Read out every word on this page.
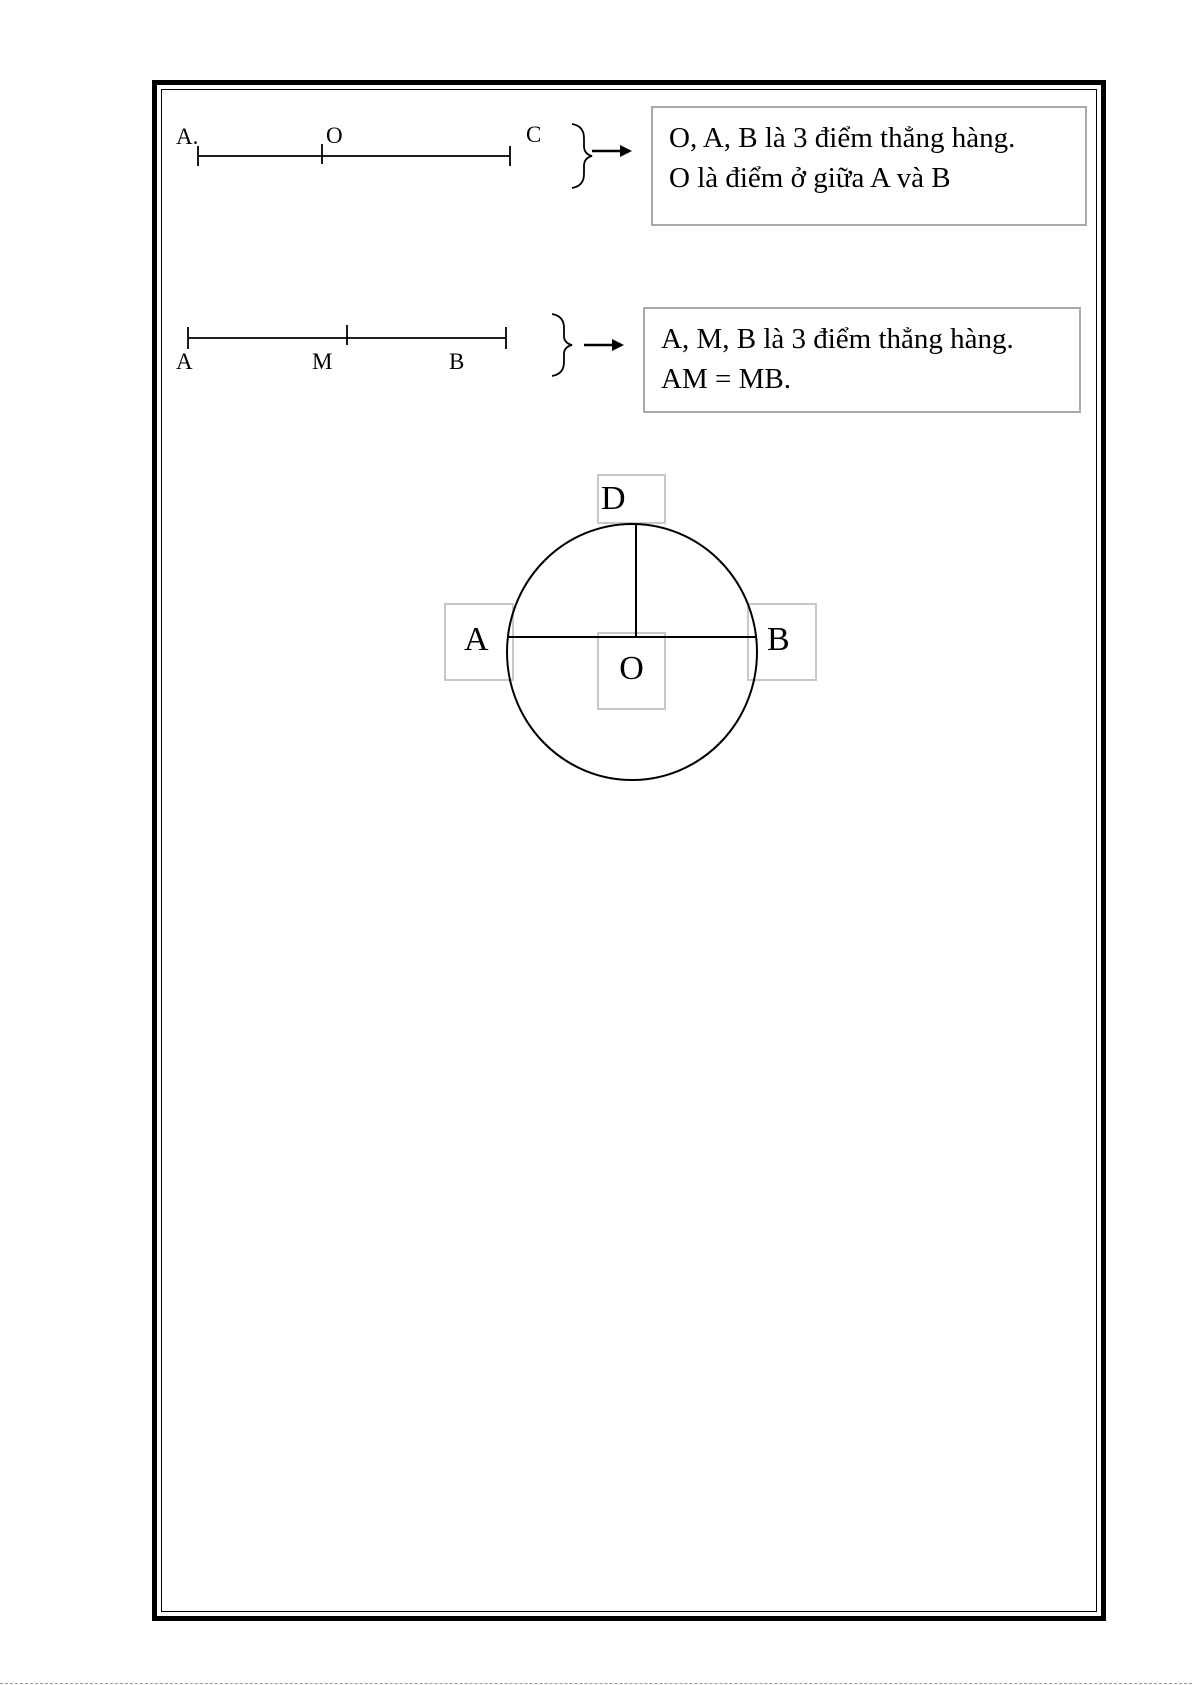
A.	O	C	O, A, B là 3 điểm thẳng hàng.
O là điểm ở giữa A và B
A	M	B
A, M, B là 3 điểm thẳng hàng.
AM = MB.
D
A	B
O
